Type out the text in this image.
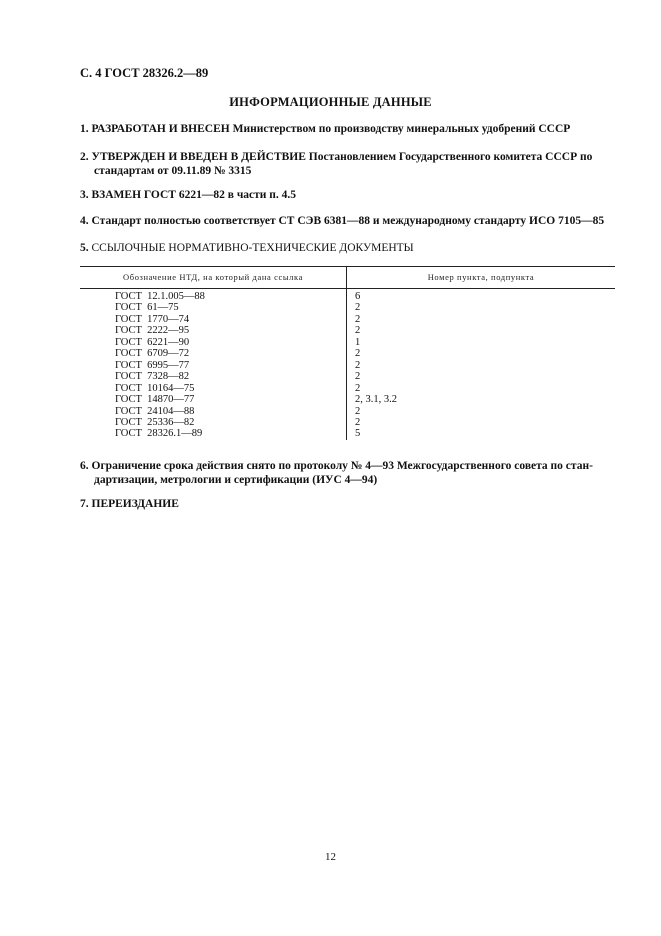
С. 4 ГОСТ 28326.2—89
ИНФОРМАЦИОННЫЕ ДАННЫЕ
1. РАЗРАБОТАН И ВНЕСЕН Министерством по производству минеральных удобрений СССР
2. УТВЕРЖДЕН И ВВЕДЕН В ДЕЙСТВИЕ Постановлением Государственного комитета СССР по
стандартам от 09.11.89 № 3315
3. ВЗАМЕН ГОСТ 6221—82 в части п. 4.5
4. Стандарт полностью соответствует СТ СЭВ 6381—88 и международному стандарту ИСО 7105—85
5. ССЫЛОЧНЫЕ НОРМАТИВНО-ТЕХНИЧЕСКИЕ ДОКУМЕНТЫ
Обозначение НТД, на который дана ссылка	Номер пункта, подпункта
ГОСТ  12.1.005—88
ГОСТ  61—75
ГОСТ  1770—74
ГОСТ  2222—95
ГОСТ  6221—90
ГОСТ  6709—72
ГОСТ  6995—77
ГОСТ  7328—82
ГОСТ  10164—75
ГОСТ  14870—77
ГОСТ  24104—88
ГОСТ  25336—82
ГОСТ  28326.1—89
6
2
2
2
1
2
2
2
2
2, 3.1, 3.2
2
2
5
6. Ограничение срока действия снято по протоколу № 4—93 Межгосударственного совета по стан-
дартизации, метрологии и сертификации (ИУС 4—94)
7. ПЕРЕИЗДАНИЕ
12
